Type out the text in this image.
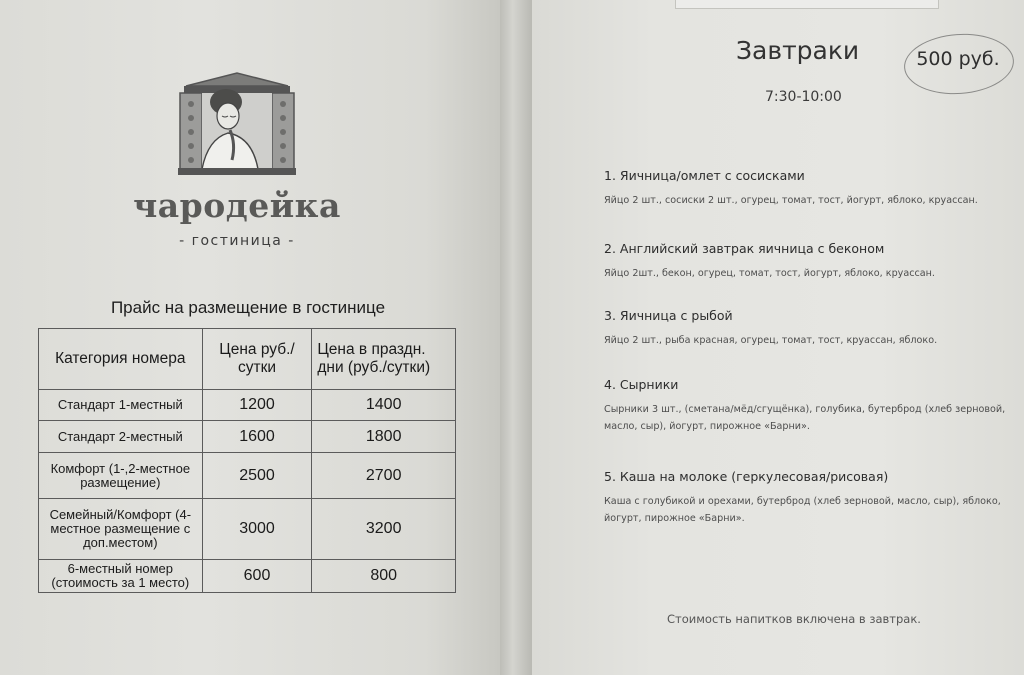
чародейка
- гостиница -
Прайс на размещение в гостинице
Категория номера	Цена руб./сутки	Цена в праздн. дни (руб./сутки)
Стандарт 1-местный	1200	1400
Стандарт 2-местный	1600	1800
Комфорт (1-,2-местное размещение)	2500	2700
Семейный/Комфорт (4-местное размещение с доп.местом)	3000	3200
6-местный номер (стоимость за 1 место)	600	800
Завтраки	500 руб.
7:30-10:00
1. Яичница/омлет с сосисками
Яйцо 2 шт., сосиски 2 шт., огурец, томат, тост, йогурт, яблоко, круассан.
2. Английский завтрак яичница с беконом
Яйцо 2шт., бекон, огурец, томат, тост, йогурт, яблоко, круассан.
3. Яичница с рыбой
Яйцо 2 шт., рыба красная, огурец, томат, тост, круассан, яблоко.
4. Сырники
Сырники 3 шт., (сметана/мёд/сгущёнка), голубика, бутерброд (хлеб зерновой, масло, сыр), йогурт, пирожное «Барни».
5. Каша на молоке (геркулесовая/рисовая)
Каша с голубикой и орехами, бутерброд (хлеб зерновой, масло, сыр), яблоко, йогурт, пирожное «Барни».
Стоимость напитков включена в завтрак.
